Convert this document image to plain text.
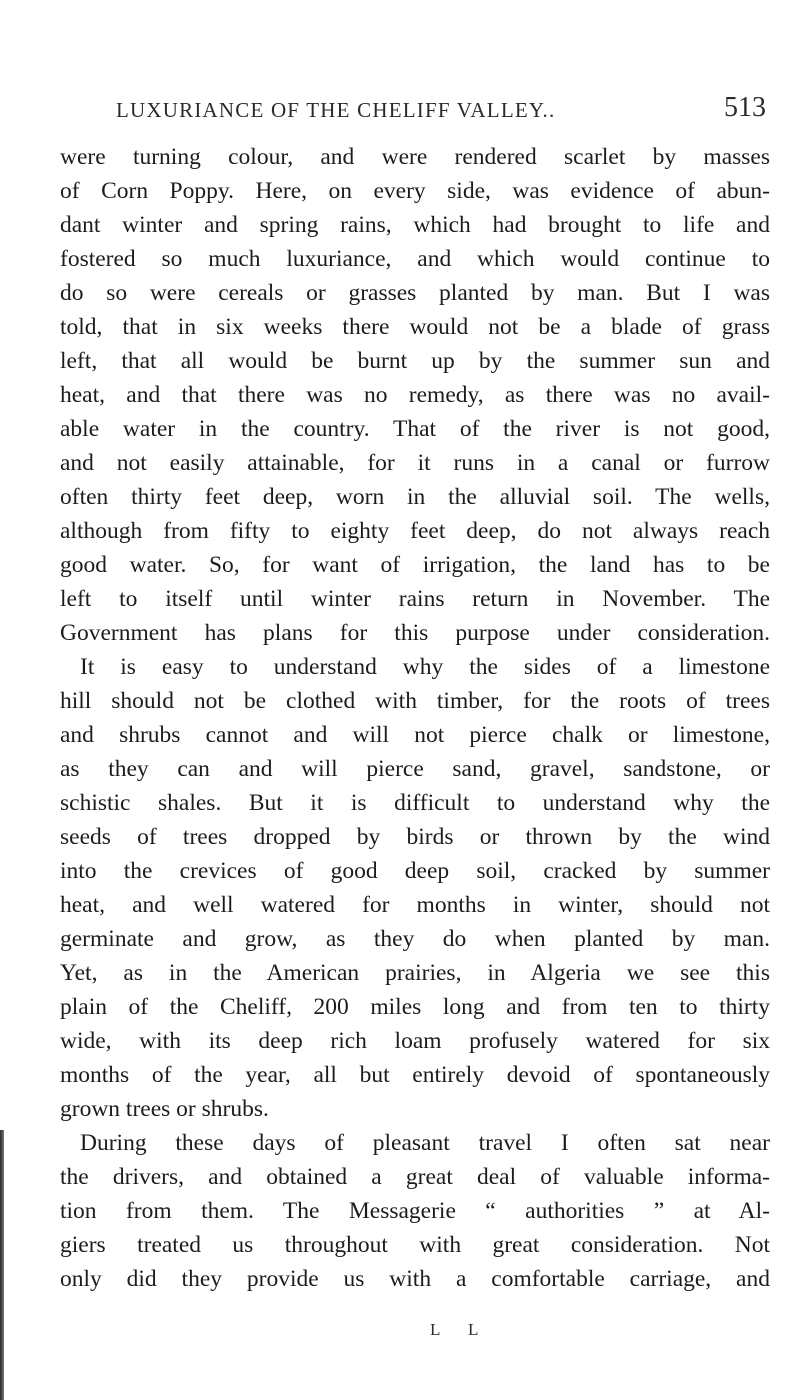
LUXURIANCE OF THE CHELIFF VALLEY..	513
were turning colour, and were rendered scarlet by masses
of Corn Poppy. Here, on every side, was evidence of abun-
dant winter and spring rains, which had brought to life and
fostered so much luxuriance, and which would continue to
do so were cereals or grasses planted by man. But I was
told, that in six weeks there would not be a blade of grass
left, that all would be burnt up by the summer sun and
heat, and that there was no remedy, as there was no avail-
able water in the country. That of the river is not good,
and not easily attainable, for it runs in a canal or furrow
often thirty feet deep, worn in the alluvial soil. The wells,
although from fifty to eighty feet deep, do not always reach
good water. So, for want of irrigation, the land has to be
left to itself until winter rains return in November. The
Government has plans for this purpose under consideration.
It is easy to understand why the sides of a limestone
hill should not be clothed with timber, for the roots of trees
and shrubs cannot and will not pierce chalk or limestone,
as they can and will pierce sand, gravel, sandstone, or
schistic shales. But it is difficult to understand why the
seeds of trees dropped by birds or thrown by the wind
into the crevices of good deep soil, cracked by summer
heat, and well watered for months in winter, should not
germinate and grow, as they do when planted by man.
Yet, as in the American prairies, in Algeria we see this
plain of the Cheliff, 200 miles long and from ten to thirty
wide, with its deep rich loam profusely watered for six
months of the year, all but entirely devoid of spontaneously
grown trees or shrubs.
During these days of pleasant travel I often sat near
the drivers, and obtained a great deal of valuable informa-
tion from them. The Messagerie “ authorities ” at Al-
giers treated us throughout with great consideration. Not
only did they provide us with a comfortable carriage, and
L L
